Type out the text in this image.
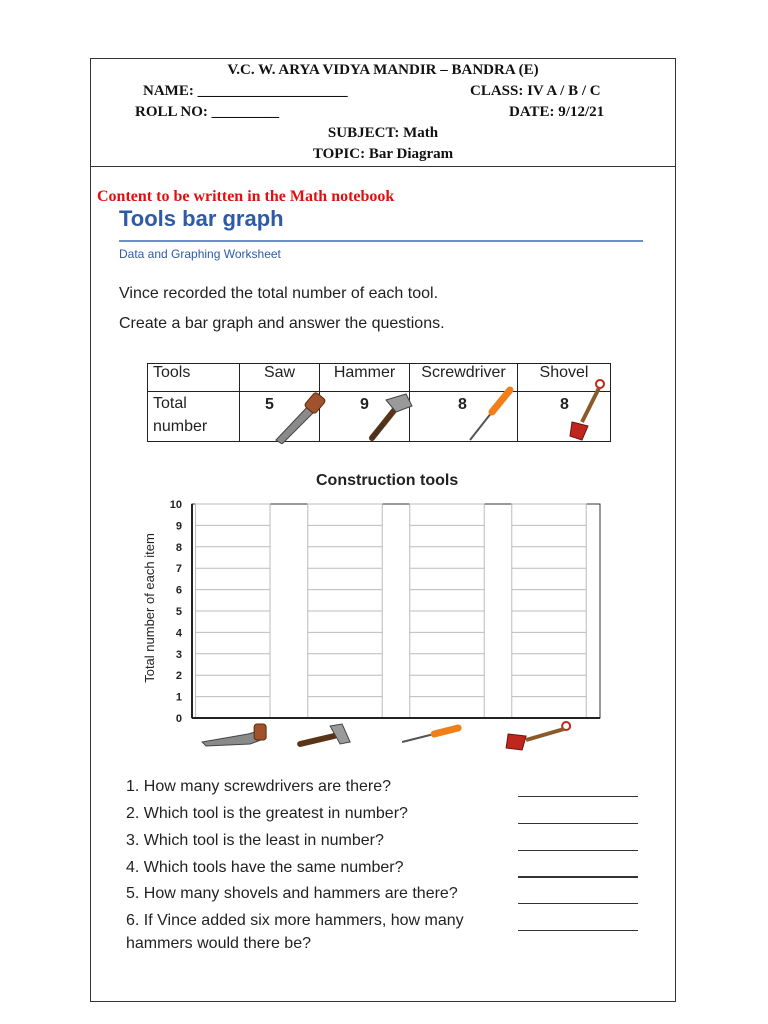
V.C. W. ARYA VIDYA MANDIR – BANDRA (E)
NAME: ____________________	CLASS: IV A / B / C
ROLL NO: _________	DATE: 9/12/21
SUBJECT: Math
TOPIC: Bar Diagram
Content to be written in the Math notebook
Tools bar graph
Data and Graphing Worksheet
Vince recorded the total number of each tool.
Create a bar graph and answer the questions.
Tools	Saw	Hammer	Screwdriver	Shovel

Total
number	5	9	8	8
Construction tools
0
1
2
3
4
5
6
7
8
9
10
Total number of each item
1. How many screwdrivers are there?
2. Which tool is the greatest in number?
3. Which tool is the least in number?
4. Which tools have the same number?
5. How many shovels and hammers are there?
6. If Vince added six more hammers, how many
hammers would there be?
